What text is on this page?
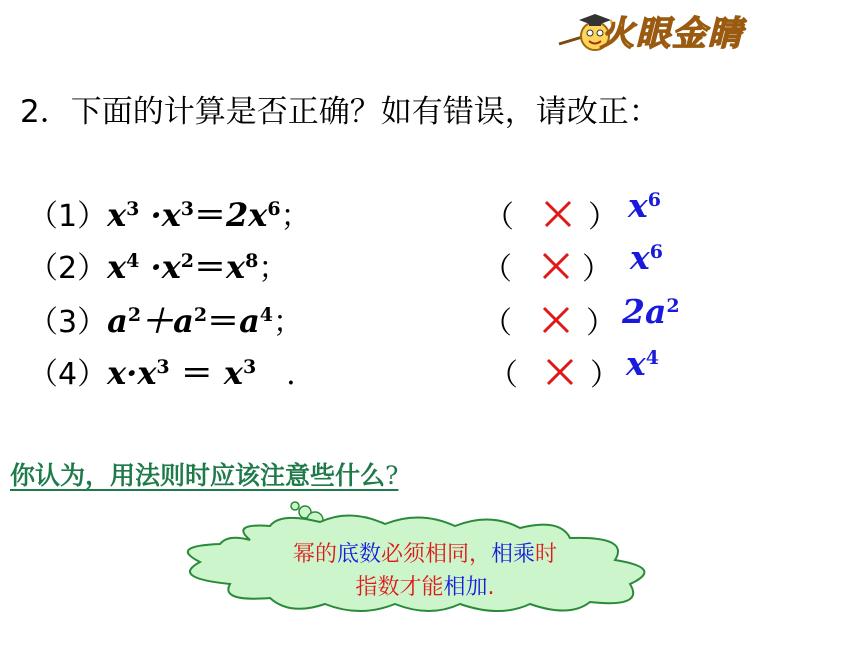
火眼金睛
2．下面的计算是否正确？如有错误，请改正：
$(1)x^3 \cdot x^3=2x^6$；	（ ） $x^6$
$(2)x^4 \cdot x^2=x^8$；	（ ） $x^6$
$(3)a^2+a^2=a^4$；	（ ） $2a^2$
$(4)x\cdot x^3 = x^3$　．	（ ） $x^4$
你认为，用法则时应该注意些什么?
幂的底数必须相同，相乘时
指数才能相加.
